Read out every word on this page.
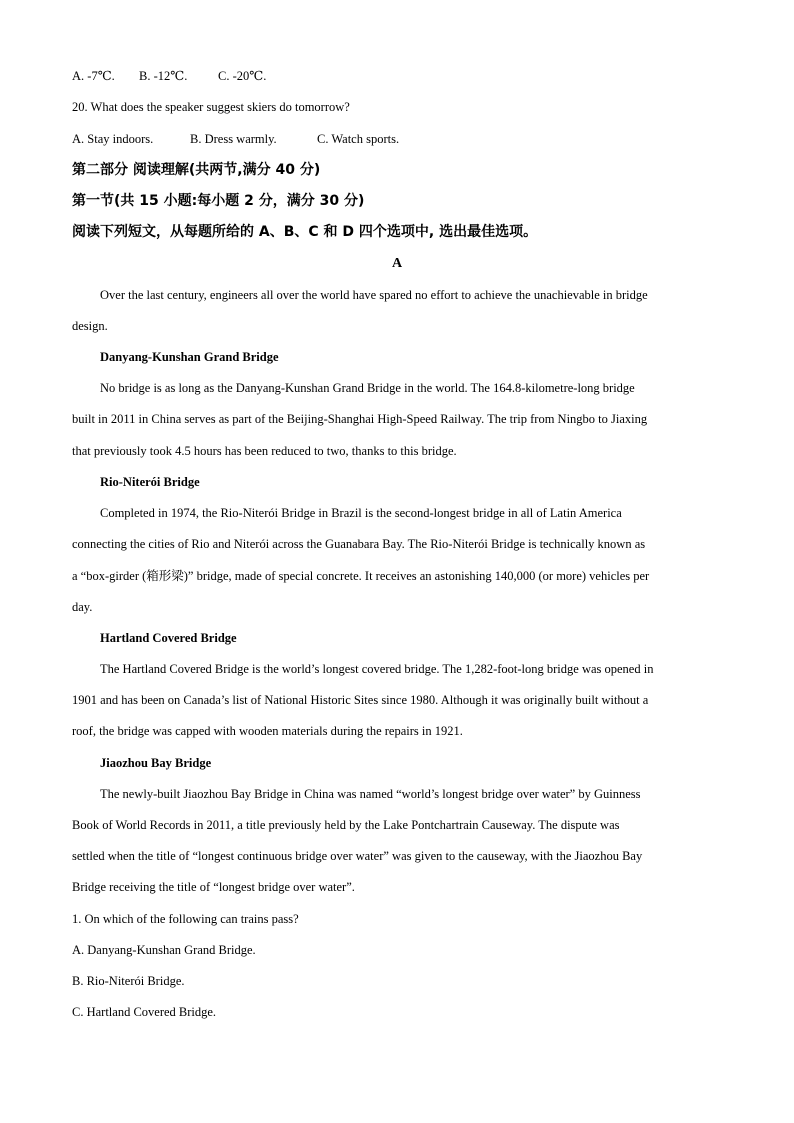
A. -7℃. B. -12℃. C. -20℃.
20. What does the speaker suggest skiers do tomorrow?
A. Stay indoors.	B. Dress warmly.	C. Watch sports.
第二部分 阅读理解(共两节,满分 40 分)
第一节(共 15 小题:每小题 2 分，满分 30 分)
阅读下列短文，从每题所给的 A、B、C 和 D 四个选项中, 选出最佳选项。
A
Over the last century, engineers all over the world have spared no effort to achieve the unachievable in bridge
design.
Danyang-Kunshan Grand Bridge
No bridge is as long as the Danyang-Kunshan Grand Bridge in the world. The 164.8-kilometre-long bridge
built in 2011 in China serves as part of the Beijing-Shanghai High-Speed Railway. The trip from Ningbo to Jiaxing
that previously took 4.5 hours has been reduced to two, thanks to this bridge.
Rio-Niterói Bridge
Completed in 1974, the Rio-Niterói Bridge in Brazil is the second-longest bridge in all of Latin America
connecting the cities of Rio and Niterói across the Guanabara Bay. The Rio-Niterói Bridge is technically known as
a “box-girder (箱形梁)” bridge, made of special concrete. It receives an astonishing 140,000 (or more) vehicles per
day.
Hartland Covered Bridge
The Hartland Covered Bridge is the world’s longest covered bridge. The 1,282-foot-long bridge was opened in
1901 and has been on Canada’s list of National Historic Sites since 1980. Although it was originally built without a
roof, the bridge was capped with wooden materials during the repairs in 1921.
Jiaozhou Bay Bridge
The newly-built Jiaozhou Bay Bridge in China was named “world’s longest bridge over water” by Guinness
Book of World Records in 2011, a title previously held by the Lake Pontchartrain Causeway. The dispute was
settled when the title of “longest continuous bridge over water” was given to the causeway, with the Jiaozhou Bay
Bridge receiving the title of “longest bridge over water”.
1. On which of the following can trains pass?
A. Danyang-Kunshan Grand Bridge.
B. Rio-Niterói Bridge.
C. Hartland Covered Bridge.
